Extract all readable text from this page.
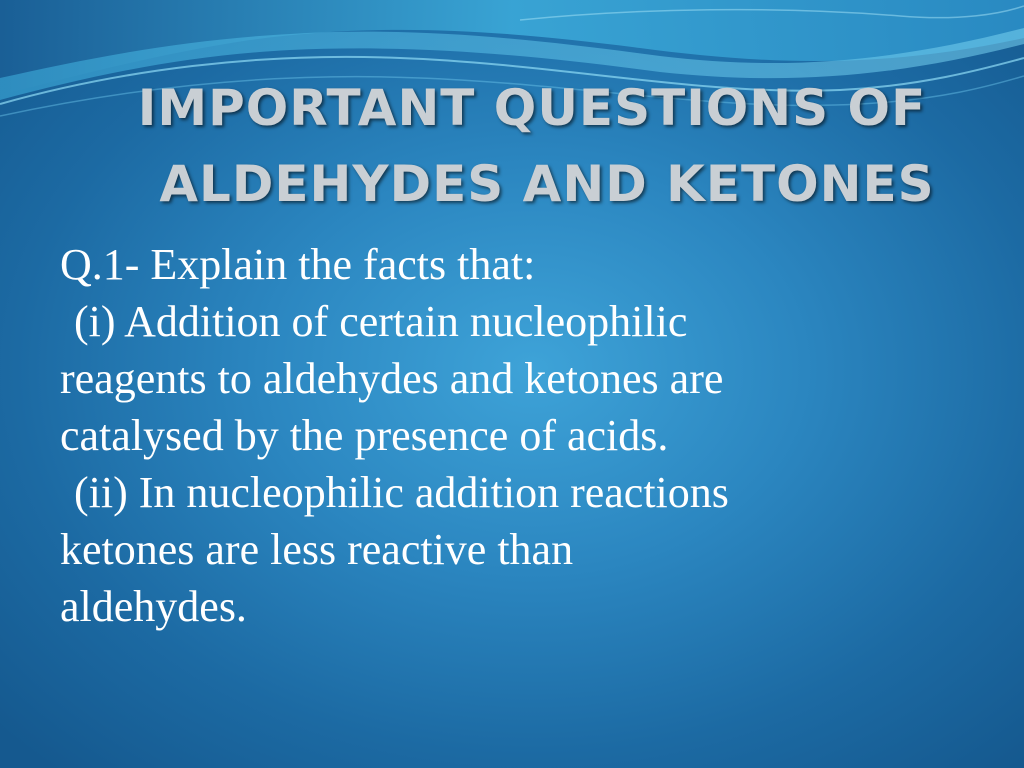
IMPORTANT QUESTIONS OF
ALDEHYDES AND KETONES

Q.1- Explain the facts that:

(i) Addition of certain nucleophilic

reagents to aldehydes and ketones are

catalysed by the presence of acids.

(ii) In nucleophilic addition reactions

ketones are less reactive than

aldehydes.
